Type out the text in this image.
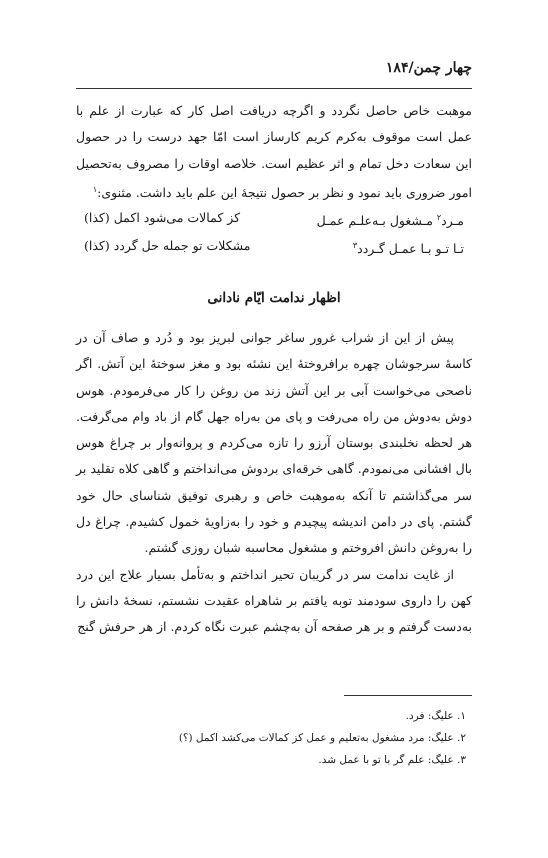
چهار چمن/۱۸۴

موهبت خاص حاصل نگردد و اگرچه دریافت اصل کار که عبارت از علم با عمل است موقوف به‌کرم کریم کارساز است امّا جهد درست را در حصول این سعادت دخل تمام و اثر عظیم است. خلاصه اوقات را مصروف به‌تحصیل امور ضروری باید نمود و نظر بر حصول نتیجهٔ این علم باید داشت. مثنوی:$^۱$

مـرد$^۲$ مـشغول بـه‌علـم عمـل
کز کمالات می‌شود اکمل (کذا)
تـا تـو بـا عمـل گـردد$^۳$
مشکلات تو جمله حل گردد (کذا)
اظهار ندامت ایّام نادانی

پیش از این از شراب غرور ساغر جوانی لبریز بود و دُرد و صاف آن در کاسهٔ سرجوشان چهره برافروختهٔ این نشئه بود و مغز سوختهٔ این آتش. اگر ناصحی می‌خواست آبی بر این آتش زند من روغن را کار می‌فرمودم. هوس دوش به‌دوش من راه می‌رفت و پای من به‌راه جهل گام از باد وام می‌گرفت. هر لحظه نخلبندی بوستان آرزو را تازه می‌کردم و پروانه‌وار بر چراغ هوس بال افشانی می‌نمودم. گاهی خرقه‌ای بردوش می‌انداختم و گاهی کلاه تقلید بر سر می‌گذاشتم تا آنکه به‌موهبت خاص و رهبری توفیق شناسای حال خود گشتم. پای در دامن اندیشه پیچیدم و خود را به‌زاویهٔ خمول کشیدم. چراغ دل را به‌روغن دانش افروختم و مشغول محاسبه شبان روزی گشتم.

از غایت ندامت سر در گریبان تحیر انداختم و به‌تأمل بسیار علاج این درد کهن را داروی سودمند توبه یافتم بر شاهراه عقیدت نشستم، نسخهٔ دانش را به‌دست گرفتم و بر هر صفحه آن به‌چشم عبرت نگاه کردم. از هر حرفش گنج

۱. علیگ: فرد.

۲. علیگ: مرد مشغول به‌تعلیم و عمل کز کمالات می‌کشد اکمل (؟)

۳. علیگ: علم گر با تو با عمل شد.
